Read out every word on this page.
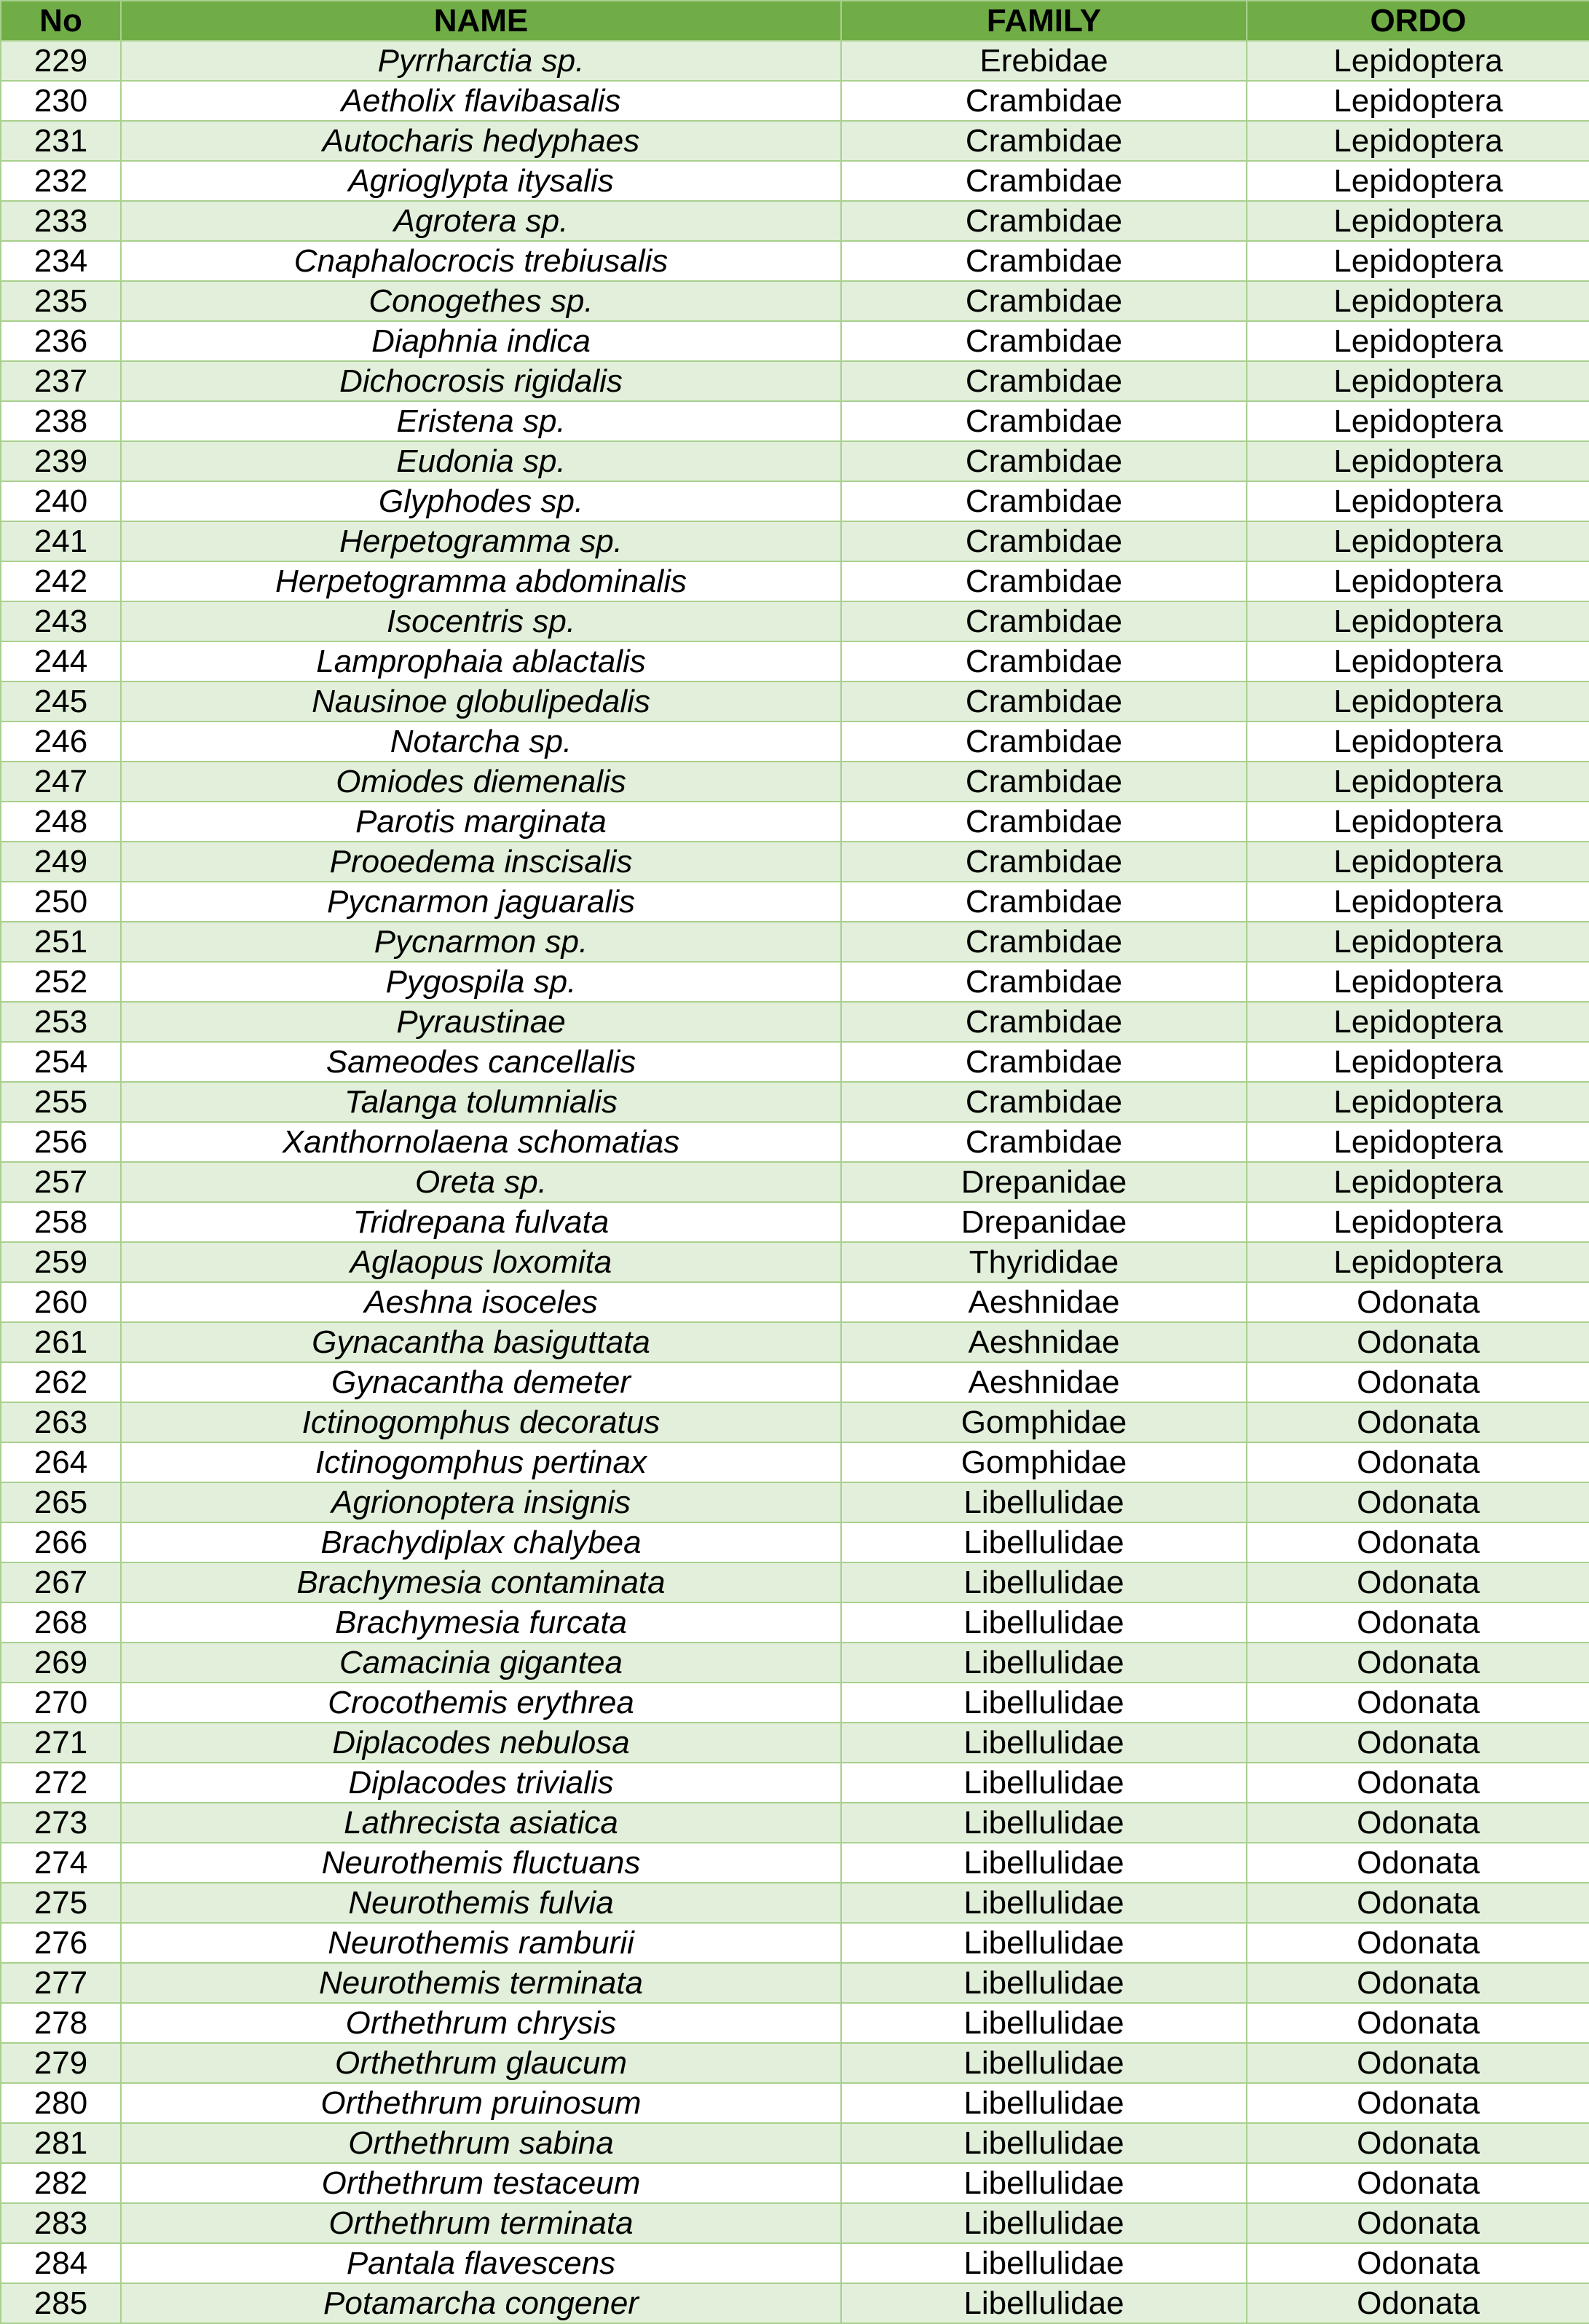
No	NAME	FAMILY	ORDO
229	Pyrrharctia sp.	Erebidae	Lepidoptera
230	Aetholix flavibasalis	Crambidae	Lepidoptera
231	Autocharis hedyphaes	Crambidae	Lepidoptera
232	Agrioglypta itysalis	Crambidae	Lepidoptera
233	Agrotera sp.	Crambidae	Lepidoptera
234	Cnaphalocrocis trebiusalis	Crambidae	Lepidoptera
235	Conogethes sp.	Crambidae	Lepidoptera
236	Diaphnia indica	Crambidae	Lepidoptera
237	Dichocrosis rigidalis	Crambidae	Lepidoptera
238	Eristena sp.	Crambidae	Lepidoptera
239	Eudonia sp.	Crambidae	Lepidoptera
240	Glyphodes sp.	Crambidae	Lepidoptera
241	Herpetogramma sp.	Crambidae	Lepidoptera
242	Herpetogramma abdominalis	Crambidae	Lepidoptera
243	Isocentris sp.	Crambidae	Lepidoptera
244	Lamprophaia ablactalis	Crambidae	Lepidoptera
245	Nausinoe globulipedalis	Crambidae	Lepidoptera
246	Notarcha sp.	Crambidae	Lepidoptera
247	Omiodes diemenalis	Crambidae	Lepidoptera
248	Parotis marginata	Crambidae	Lepidoptera
249	Prooedema inscisalis	Crambidae	Lepidoptera
250	Pycnarmon jaguaralis	Crambidae	Lepidoptera
251	Pycnarmon sp.	Crambidae	Lepidoptera
252	Pygospila sp.	Crambidae	Lepidoptera
253	Pyraustinae	Crambidae	Lepidoptera
254	Sameodes cancellalis	Crambidae	Lepidoptera
255	Talanga tolumnialis	Crambidae	Lepidoptera
256	Xanthornolaena schomatias	Crambidae	Lepidoptera
257	Oreta sp.	Drepanidae	Lepidoptera
258	Tridrepana fulvata	Drepanidae	Lepidoptera
259	Aglaopus loxomita	Thyrididae	Lepidoptera
260	Aeshna isoceles	Aeshnidae	Odonata
261	Gynacantha basiguttata	Aeshnidae	Odonata
262	Gynacantha demeter	Aeshnidae	Odonata
263	Ictinogomphus decoratus	Gomphidae	Odonata
264	Ictinogomphus pertinax	Gomphidae	Odonata
265	Agrionoptera insignis	Libellulidae	Odonata
266	Brachydiplax chalybea	Libellulidae	Odonata
267	Brachymesia contaminata	Libellulidae	Odonata
268	Brachymesia furcata	Libellulidae	Odonata
269	Camacinia gigantea	Libellulidae	Odonata
270	Crocothemis erythrea	Libellulidae	Odonata
271	Diplacodes nebulosa	Libellulidae	Odonata
272	Diplacodes trivialis	Libellulidae	Odonata
273	Lathrecista asiatica	Libellulidae	Odonata
274	Neurothemis fluctuans	Libellulidae	Odonata
275	Neurothemis fulvia	Libellulidae	Odonata
276	Neurothemis ramburii	Libellulidae	Odonata
277	Neurothemis terminata	Libellulidae	Odonata
278	Orthethrum chrysis	Libellulidae	Odonata
279	Orthethrum glaucum	Libellulidae	Odonata
280	Orthethrum pruinosum	Libellulidae	Odonata
281	Orthethrum sabina	Libellulidae	Odonata
282	Orthethrum testaceum	Libellulidae	Odonata
283	Orthethrum terminata	Libellulidae	Odonata
284	Pantala flavescens	Libellulidae	Odonata
285	Potamarcha congener	Libellulidae	Odonata
